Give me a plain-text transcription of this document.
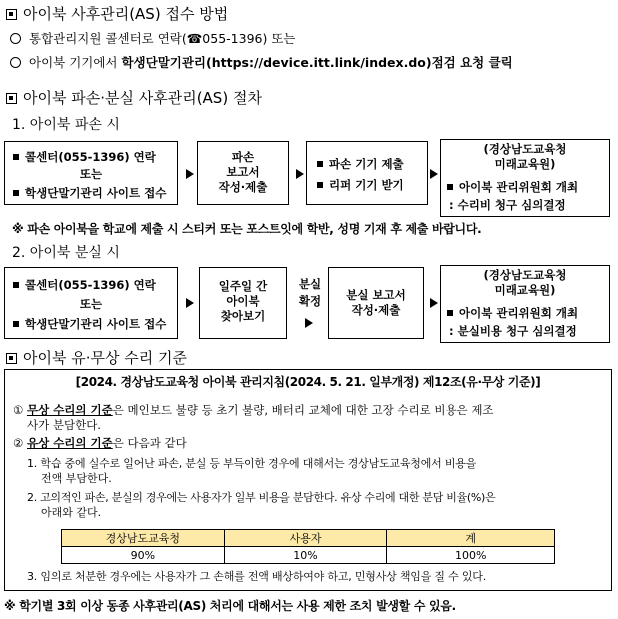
아이북 사후관리(AS) 접수 방법
통합관리지원 콜센터로 연락(☎055-1396) 또는
아이북 기기에서 학생단말기관리(https://device.itt.link/index.do)점검 요청 클릭
아이북 파손·분실 사후관리(AS) 절차
1. 아이북 파손 시
콜센터(055-1396) 연락
또는
학생단말기관리 사이트 접수
파손
보고서
작성·제출
파손 기기 제출
리퍼 기기 받기
(경상남도교육청
미래교육원)
아이북 관리위원회 개최
: 수리비 청구 심의결정
※ 파손 아이북을 학교에 제출 시 스티커 또는 포스트잇에 학반, 성명 기재 후 제출 바랍니다.
2. 아이북 분실 시
콜센터(055-1396) 연락
또는
학생단말기관리 사이트 접수
일주일 간
아이북
찾아보기
분실
확정	분실 보고서
작성·제출
(경상남도교육청
미래교육원)
아이북 관리위원회 개최
: 분실비용 청구 심의결정
아이북 유·무상 수리 기준
[2024. 경상남도교육청 아이북 관리지침(2024. 5. 21. 일부개정) 제12조(유·무상 기준)]
① 무상 수리의 기준은 메인보드 불량 등 초기 불량, 배터리 교체에 대한 고장 수리로 비용은 제조
사가 분담한다.
② 유상 수리의 기준은 다음과 같다
1. 학습 중에 실수로 일어난 파손, 분실 등 부득이한 경우에 대해서는 경상남도교육청에서 비용을
전액 부담한다.
2. 고의적인 파손, 분실의 경우에는 사용자가 일부 비용을 분담한다. 유상 수리에 대한 분담 비율(%)은
아래와 같다.
경상남도교육청	사용자	계
90%	10%	100%
3. 임의로 처분한 경우에는 사용자가 그 손해를 전액 배상하여야 하고, 민형사상 책임을 질 수 있다.
※ 학기별 3회 이상 동종 사후관리(AS) 처리에 대해서는 사용 제한 조치 발생할 수 있음.
